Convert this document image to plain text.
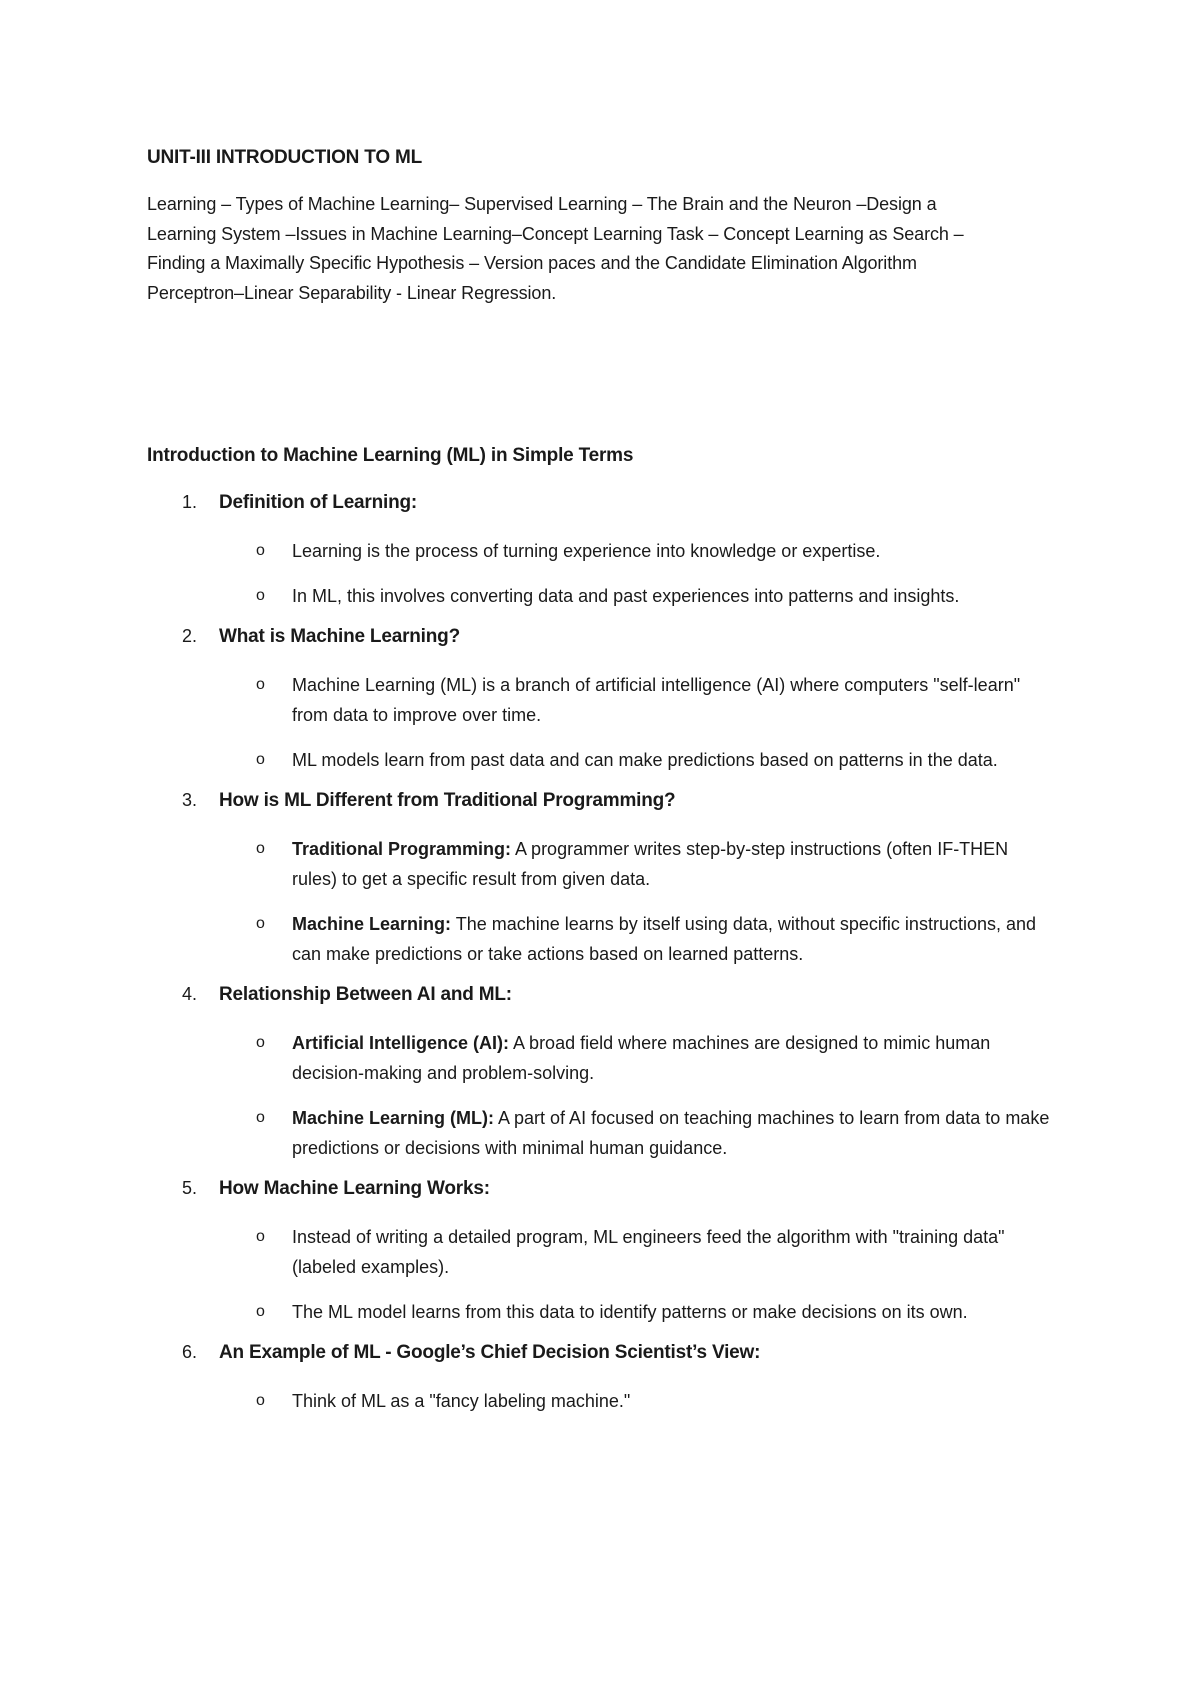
UNIT-III INTRODUCTION TO ML
Learning – Types of Machine Learning– Supervised Learning – The Brain and the Neuron –Design a
Learning System –Issues in Machine Learning–Concept Learning Task – Concept Learning as Search –
Finding a Maximally Specific Hypothesis – Version paces and the Candidate Elimination Algorithm
Perceptron–Linear Separability - Linear Regression.
Introduction to Machine Learning (ML) in Simple Terms
1. Definition of Learning:
o Learning is the process of turning experience into knowledge or expertise.
o In ML, this involves converting data and past experiences into patterns and insights.
2. What is Machine Learning?
o Machine Learning (ML) is a branch of artificial intelligence (AI) where computers "self-learn" from data to improve over time.
o ML models learn from past data and can make predictions based on patterns in the data.
3. How is ML Different from Traditional Programming?
o Traditional Programming: A programmer writes step-by-step instructions (often IF-THEN rules) to get a specific result from given data.
o Machine Learning: The machine learns by itself using data, without specific instructions, and can make predictions or take actions based on learned patterns.
4. Relationship Between AI and ML:
o Artificial Intelligence (AI): A broad field where machines are designed to mimic human decision-making and problem-solving.
o Machine Learning (ML): A part of AI focused on teaching machines to learn from data to make predictions or decisions with minimal human guidance.
5. How Machine Learning Works:
o Instead of writing a detailed program, ML engineers feed the algorithm with "training data" (labeled examples).
o The ML model learns from this data to identify patterns or make decisions on its own.
6. An Example of ML - Google’s Chief Decision Scientist’s View:
o Think of ML as a "fancy labeling machine."
